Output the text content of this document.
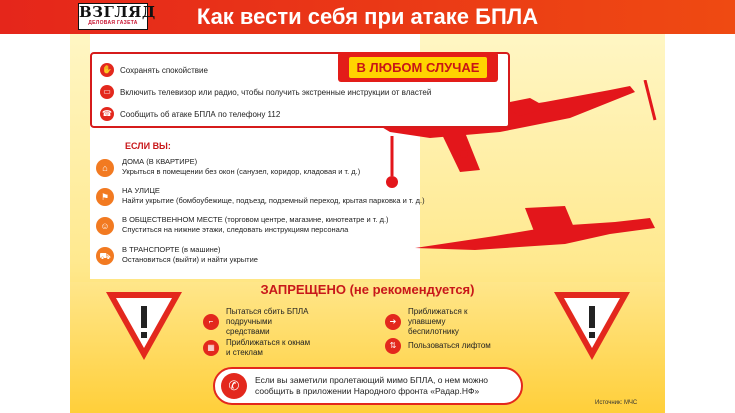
ВЗГЛЯД
ДЕЛОВАЯ ГАЗЕТА	Как вести себя при атаке БПЛА
✋ Сохранять спокойствие
▭	Включить телевизор или радио, чтобы получить экстренные инструкции от властей
☎ Сообщить об атаке БПЛА по телефону 112
В ЛЮБОМ СЛУЧАЕ
ЕСЛИ ВЫ:
⌂
ДОМА (В КВАРТИРЕ)
Укрыться в помещении без окон (санузел, коридор, кладовая и т. д.)
⚑
НА УЛИЦЕ
Найти укрытие (бомбоубежище, подъезд, подземный переход, крытая парковка и т. д.)
☺
В ОБЩЕСТВЕННОМ МЕСТЕ (торговом центре, магазине, кинотеатре и т. д.)
Спуститься на нижние этажи, следовать инструкциям персонала
⛟
В ТРАНСПОРТЕ (в машине)
Остановиться (выйти) и найти укрытие
ЗАПРЕЩЕНО (не рекомендуется)
⌐
Пытаться сбить БПЛА подручными средствами
➔
Приближаться к упавшему беспилотнику
▦
Приближаться к окнам и стеклам
⇅	Пользоваться лифтом
✆	Если вы заметили пролетающий мимо БПЛА, о нем можно сообщить в приложении Народного фронта «Радар.НФ»
Источник: МЧС
